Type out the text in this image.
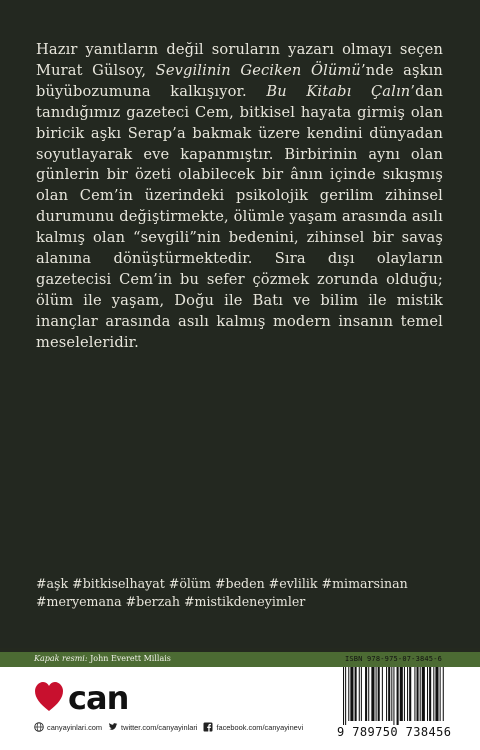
Hazır yanıtların değil soruların yazarı olmayı seçen Murat Gülsoy, Sevgilinin Geciken Ölümü’nde aşkın büyübozumuna kalkışıyor. Bu Kitabı Çalın’dan tanıdığımız gazeteci Cem, bitkisel hayata girmiş olan biricik aşkı Serap’a bakmak üzere kendini dünyadan soyutlayarak eve kapanmıştır. Birbirinin aynı olan günlerin bir özeti olabilecek bir ânın içinde sıkışmış olan Cem’in üzerindeki psikolojik gerilim zihinsel durumunu değiştirmekte, ölümle yaşam arasında asılı kalmış olan “sevgili”nin bedenini, zihinsel bir savaş alanına dönüştürmektedir. Sıra dışı olayların gazetecisi Cem’in bu sefer çözmek zorunda olduğu; ölüm ile yaşam, Doğu ile Batı ve bilim ile mistik inançlar arasında asılı kalmış modern insanın temel meseleleridir.

#aşk #bitkiselhayat #ölüm #beden #evlilik #mimarsinan #meryemana #berzah #mistikdeneyimler

Kapak resmi: John Everett Millais
can
canyayinlari.com	twitter.com/canyayinlari	facebook.com/canyayinevi
ISBN 978-975-07-3845-6
9 789750 738456
